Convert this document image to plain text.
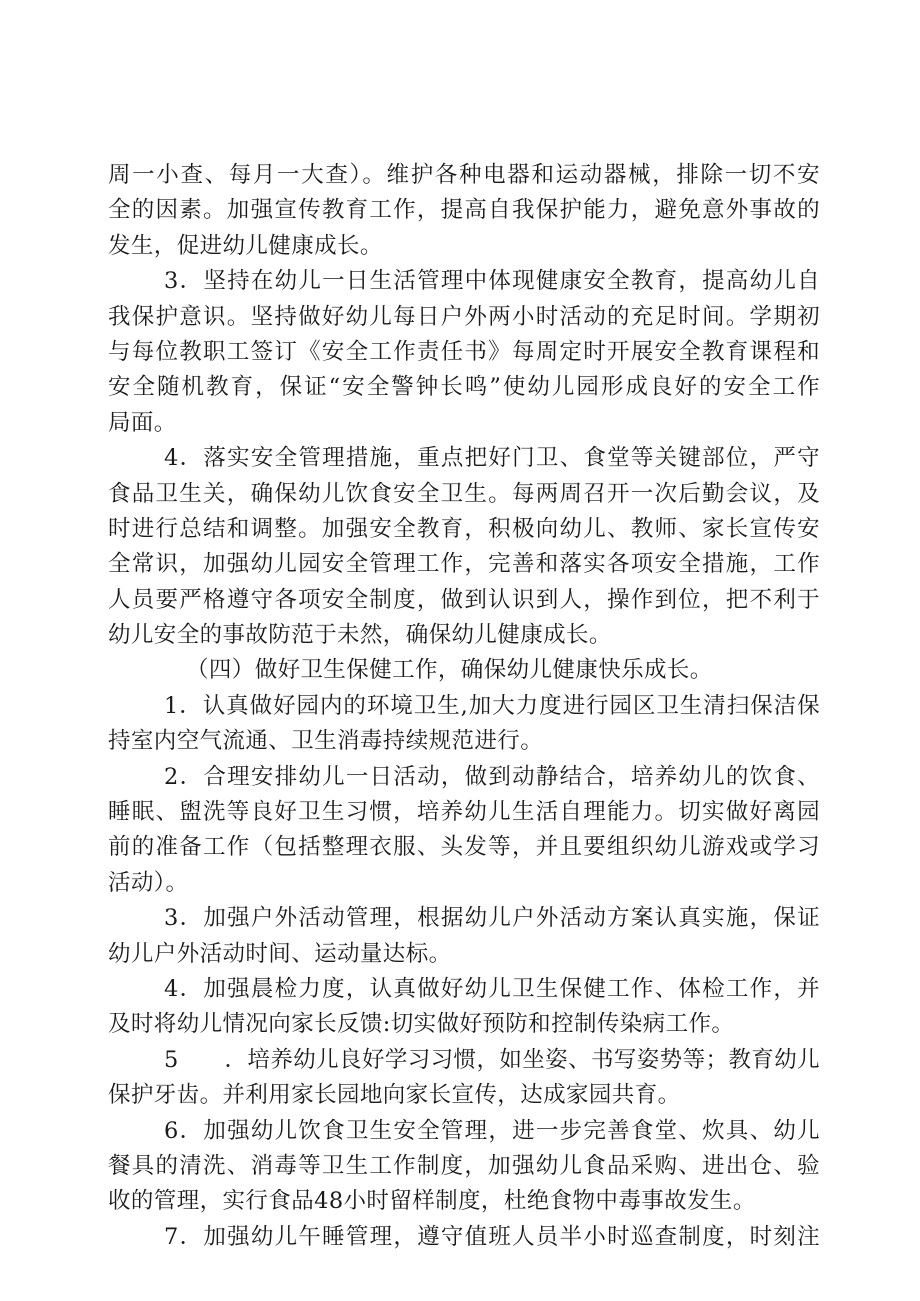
周一小查、每月一大查）。维护各种电器和运动器械，排除一切不安
全的因素。加强宣传教育工作，提高自我保护能力，避免意外事故的
发生，促进幼儿健康成长。
3．坚持在幼儿一日生活管理中体现健康安全教育，提高幼儿自
我保护意识。坚持做好幼儿每日户外两小时活动的充足时间。学期初
与每位教职工签订《安全工作责任书》每周定时开展安全教育课程和
安全随机教育，保证“安全警钟长鸣”使幼儿园形成良好的安全工作
局面。
4．落实安全管理措施，重点把好门卫、食堂等关键部位，严守
食品卫生关，确保幼儿饮食安全卫生。每两周召开一次后勤会议，及
时进行总结和调整。加强安全教育，积极向幼儿、教师、家长宣传安
全常识，加强幼儿园安全管理工作，完善和落实各项安全措施，工作
人员要严格遵守各项安全制度，做到认识到人，操作到位，把不利于
幼儿安全的事故防范于未然，确保幼儿健康成长。
（四）做好卫生保健工作，确保幼儿健康快乐成长。
1．认真做好园内的环境卫生,加大力度进行园区卫生清扫保洁保
持室内空气流通、卫生消毒持续规范进行。
2．合理安排幼儿一日活动，做到动静结合，培养幼儿的饮食、
睡眠、盥洗等良好卫生习惯，培养幼儿生活自理能力。切实做好离园
前的准备工作（包括整理衣服、头发等，并且要组织幼儿游戏或学习
活动）。
3．加强户外活动管理，根据幼儿户外活动方案认真实施，保证
幼儿户外活动时间、运动量达标。
4．加强晨检力度，认真做好幼儿卫生保健工作、体检工作，并
及时将幼儿情况向家长反馈:切实做好预防和控制传染病工作。
5　　．培养幼儿良好学习习惯，如坐姿、书写姿势等；教育幼儿
保护牙齿。并利用家长园地向家长宣传，达成家园共育。
6．加强幼儿饮食卫生安全管理，进一步完善食堂、炊具、幼儿
餐具的清洗、消毒等卫生工作制度，加强幼儿食品采购、进出仓、验
收的管理，实行食品48小时留样制度，杜绝食物中毒事故发生。
7．加强幼儿午睡管理，遵守值班人员半小时巡查制度，时刻注
